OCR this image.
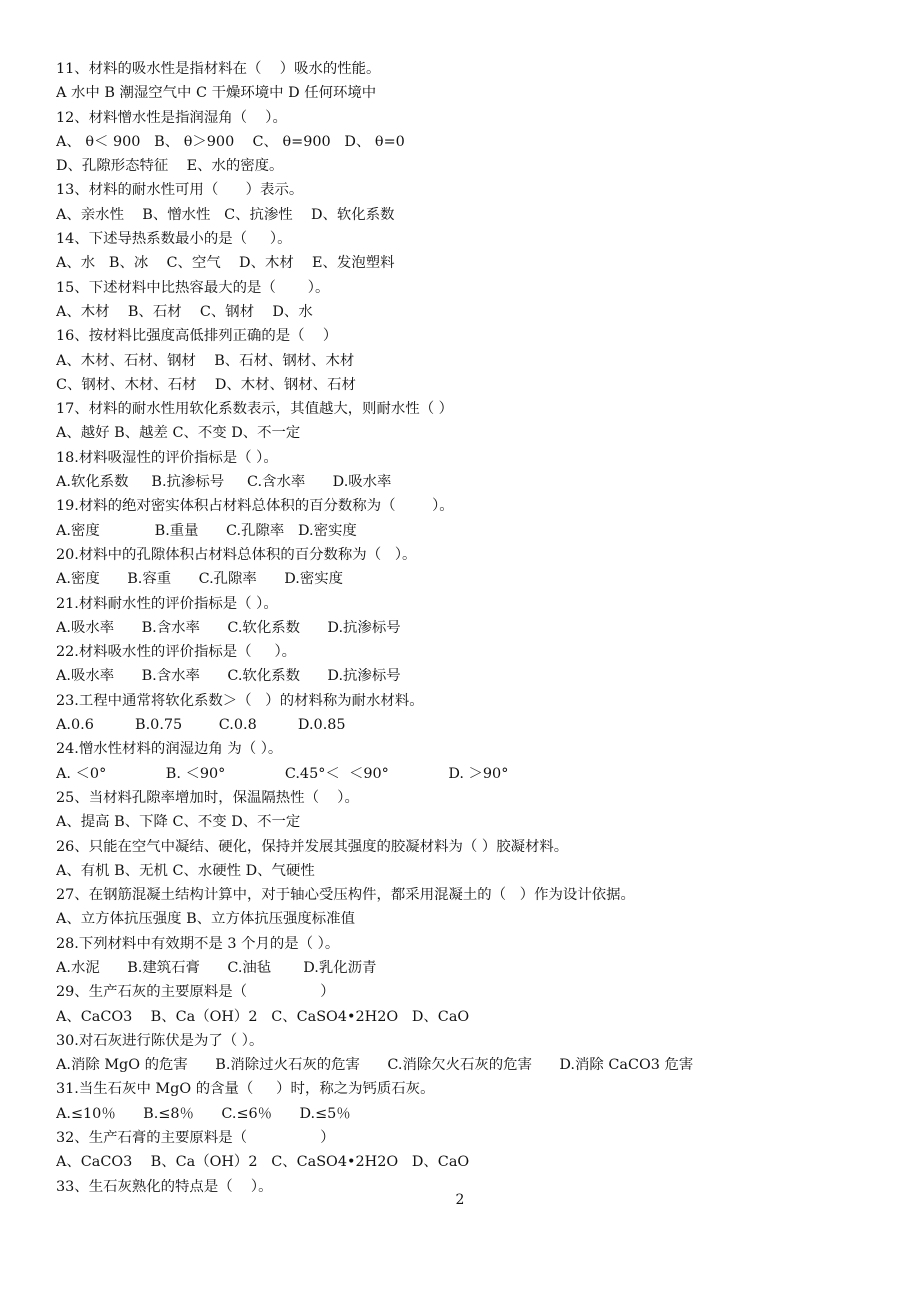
11、材料的吸水性是指材料在（    ）吸水的性能。
A 水中 B 潮湿空气中 C 干燥环境中 D 任何环境中
12、材料憎水性是指润湿角（    ）。
A、 θ＜ 900   B、 θ＞900    C、 θ=900   D、 θ=0
D、孔隙形态特征    E、水的密度。
13、材料的耐水性可用（      ）表示。
A、亲水性    B、憎水性   C、抗渗性    D、软化系数
14、下述导热系数最小的是（     ）。
A、水   B、冰    C、空气    D、木材    E、发泡塑料
15、下述材料中比热容最大的是（       ）。
A、木材    B、石材    C、钢材    D、水
16、按材料比强度高低排列正确的是（    ）
A、木材、石材、钢材    B、石材、钢材、木材
C、钢材、木材、石材    D、木材、钢材、石材
17、材料的耐水性用软化系数表示，其值越大，则耐水性（ ）
A、越好 B、越差 C、不变 D、不一定
18.材料吸湿性的评价指标是（ ）。
A.软化系数     B.抗渗标号     C.含水率      D.吸水率
19.材料的绝对密实体积占材料总体积的百分数称为（        ）。
A.密度            B.重量      C.孔隙率   D.密实度
20.材料中的孔隙体积占材料总体积的百分数称为（   ）。
A.密度      B.容重      C.孔隙率      D.密实度
21.材料耐水性的评价指标是（ ）。
A.吸水率      B.含水率      C.软化系数      D.抗渗标号
22.材料吸水性的评价指标是（     ）。
A.吸水率      B.含水率      C.软化系数      D.抗渗标号
23.工程中通常将软化系数＞（   ）的材料称为耐水材料。
A.0.6         B.0.75        C.0.8         D.0.85
24.憎水性材料的润湿边角 为（ ）。
A. ＜0°             B. ＜90°             C.45°＜  ＜90°             D. ＞90°
25、当材料孔隙率增加时，保温隔热性（    ）。
A、提高 B、下降 C、不变 D、不一定
26、只能在空气中凝结、硬化，保持并发展其强度的胶凝材料为（ ）胶凝材料。
A、有机 B、无机 C、水硬性 D、气硬性
27、在钢筋混凝土结构计算中，对于轴心受压构件，都采用混凝土的（   ）作为设计依据。
A、立方体抗压强度 B、立方体抗压强度标准值
28.下列材料中有效期不是 3 个月的是（ ）。
A.水泥      B.建筑石膏      C.油毡       D.乳化沥青
29、生产石灰的主要原料是（                ）
A、CaCO3    B、Ca（OH）2   C、CaSO4•2H2O   D、CaO
30.对石灰进行陈伏是为了（ ）。
A.消除 MgO 的危害      B.消除过火石灰的危害      C.消除欠火石灰的危害      D.消除 CaCO3 危害
31.当生石灰中 MgO 的含量（     ）时，称之为钙质石灰。
A.≤10％      B.≤8％      C.≤6％      D.≤5％
32、生产石膏的主要原料是（                ）
A、CaCO3    B、Ca（OH）2   C、CaSO4•2H2O   D、CaO
33、生石灰熟化的特点是（    ）。
2
